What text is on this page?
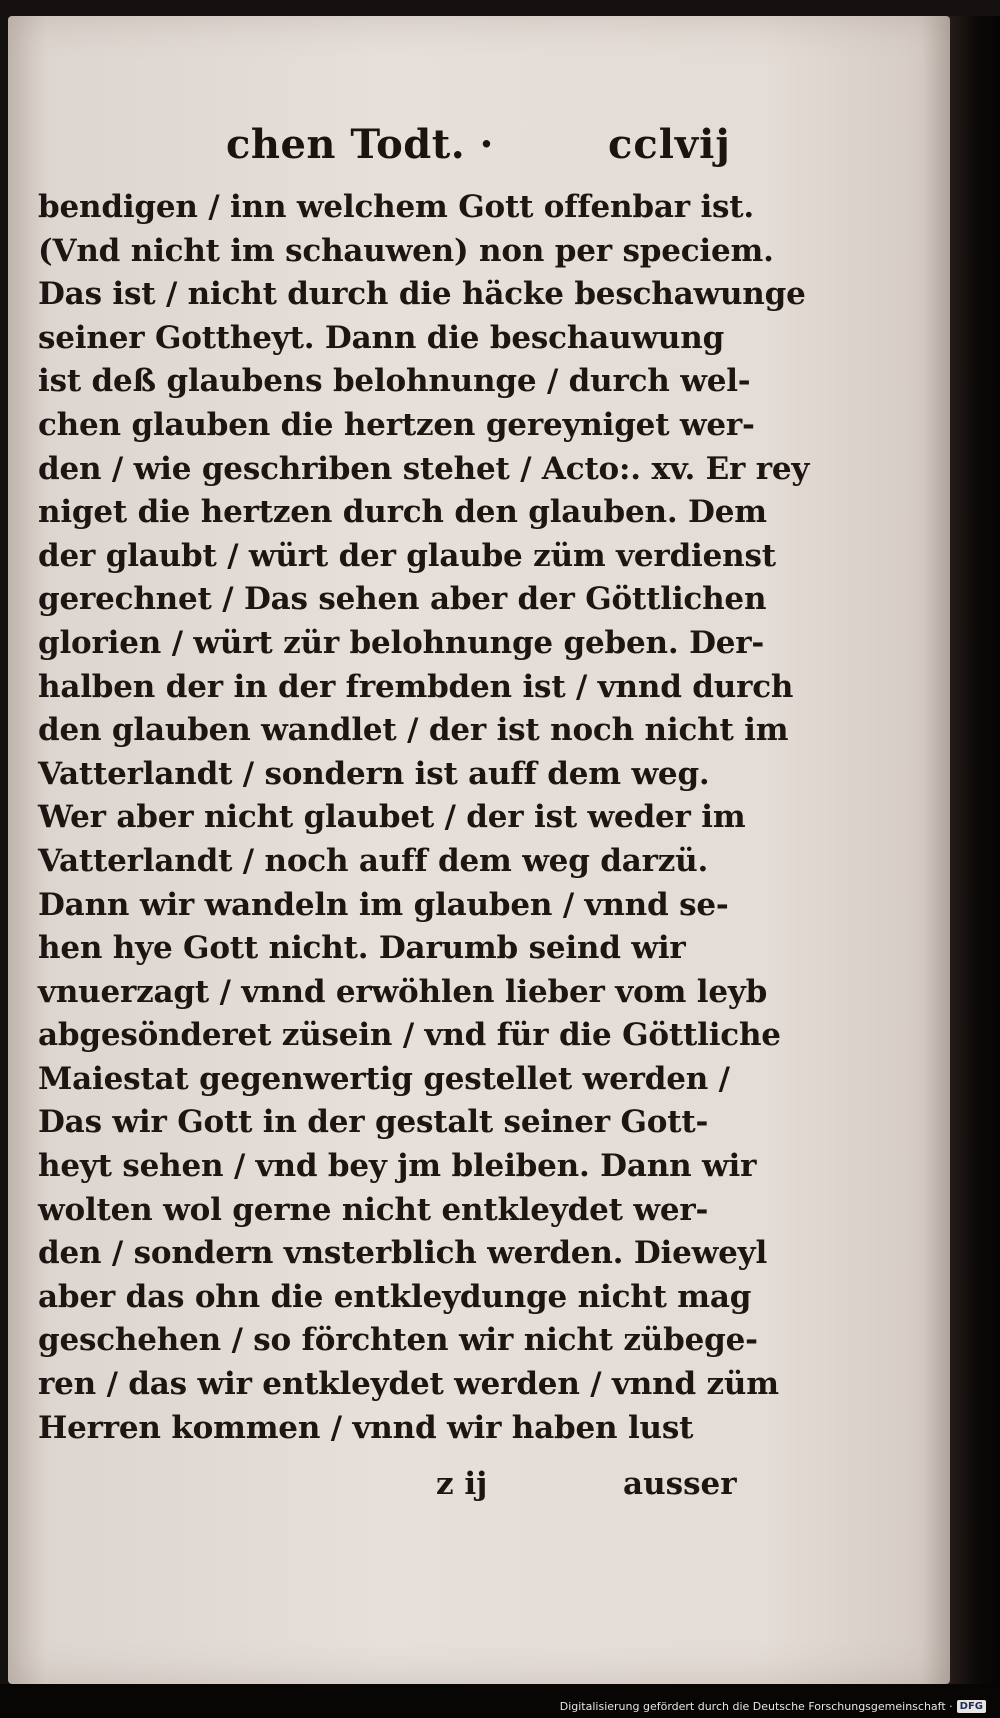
chen Todt. ·	cclvij
bendigen / inn welchem Gott offenbar ist.
(Vnd nicht im schauwen) non per speciem.
Das ist / nicht durch die häcke beschawunge
seiner Gottheyt. Dann die beschauwung
ist deß glaubens belohnunge / durch wel-
chen glauben die hertzen gereyniget wer-
den / wie geschriben stehet / Acto:. xv. Er rey
niget die hertzen durch den glauben. Dem
der glaubt / würt der glaube züm verdienst
gerechnet / Das sehen aber der Göttlichen
glorien / würt zür belohnunge geben. Der-
halben der in der frembden ist / vnnd durch
den glauben wandlet / der ist noch nicht im
Vatterlandt / sondern ist auff dem weg.
Wer aber nicht glaubet / der ist weder im
Vatterlandt / noch auff dem weg darzü.
Dann wir wandeln im glauben / vnnd se-
hen hye Gott nicht. Darumb seind wir
vnuerzagt / vnnd erwöhlen lieber vom leyb
abgesönderet züsein / vnd für die Göttliche
Maiestat gegenwertig gestellet werden /
Das wir Gott in der gestalt seiner Gott-
heyt sehen / vnd bey jm bleiben. Dann wir
wolten wol gerne nicht entkleydet wer-
den / sondern vnsterblich werden. Dieweyl
aber das ohn die entkleydunge nicht mag
geschehen / so förchten wir nicht zübege-
ren / das wir entkleydet werden / vnnd züm
Herren kommen / vnnd wir haben lust
z ij	ausser
Digitalisierung gefördert durch die Deutsche Forschungsgemeinschaft · DFG
